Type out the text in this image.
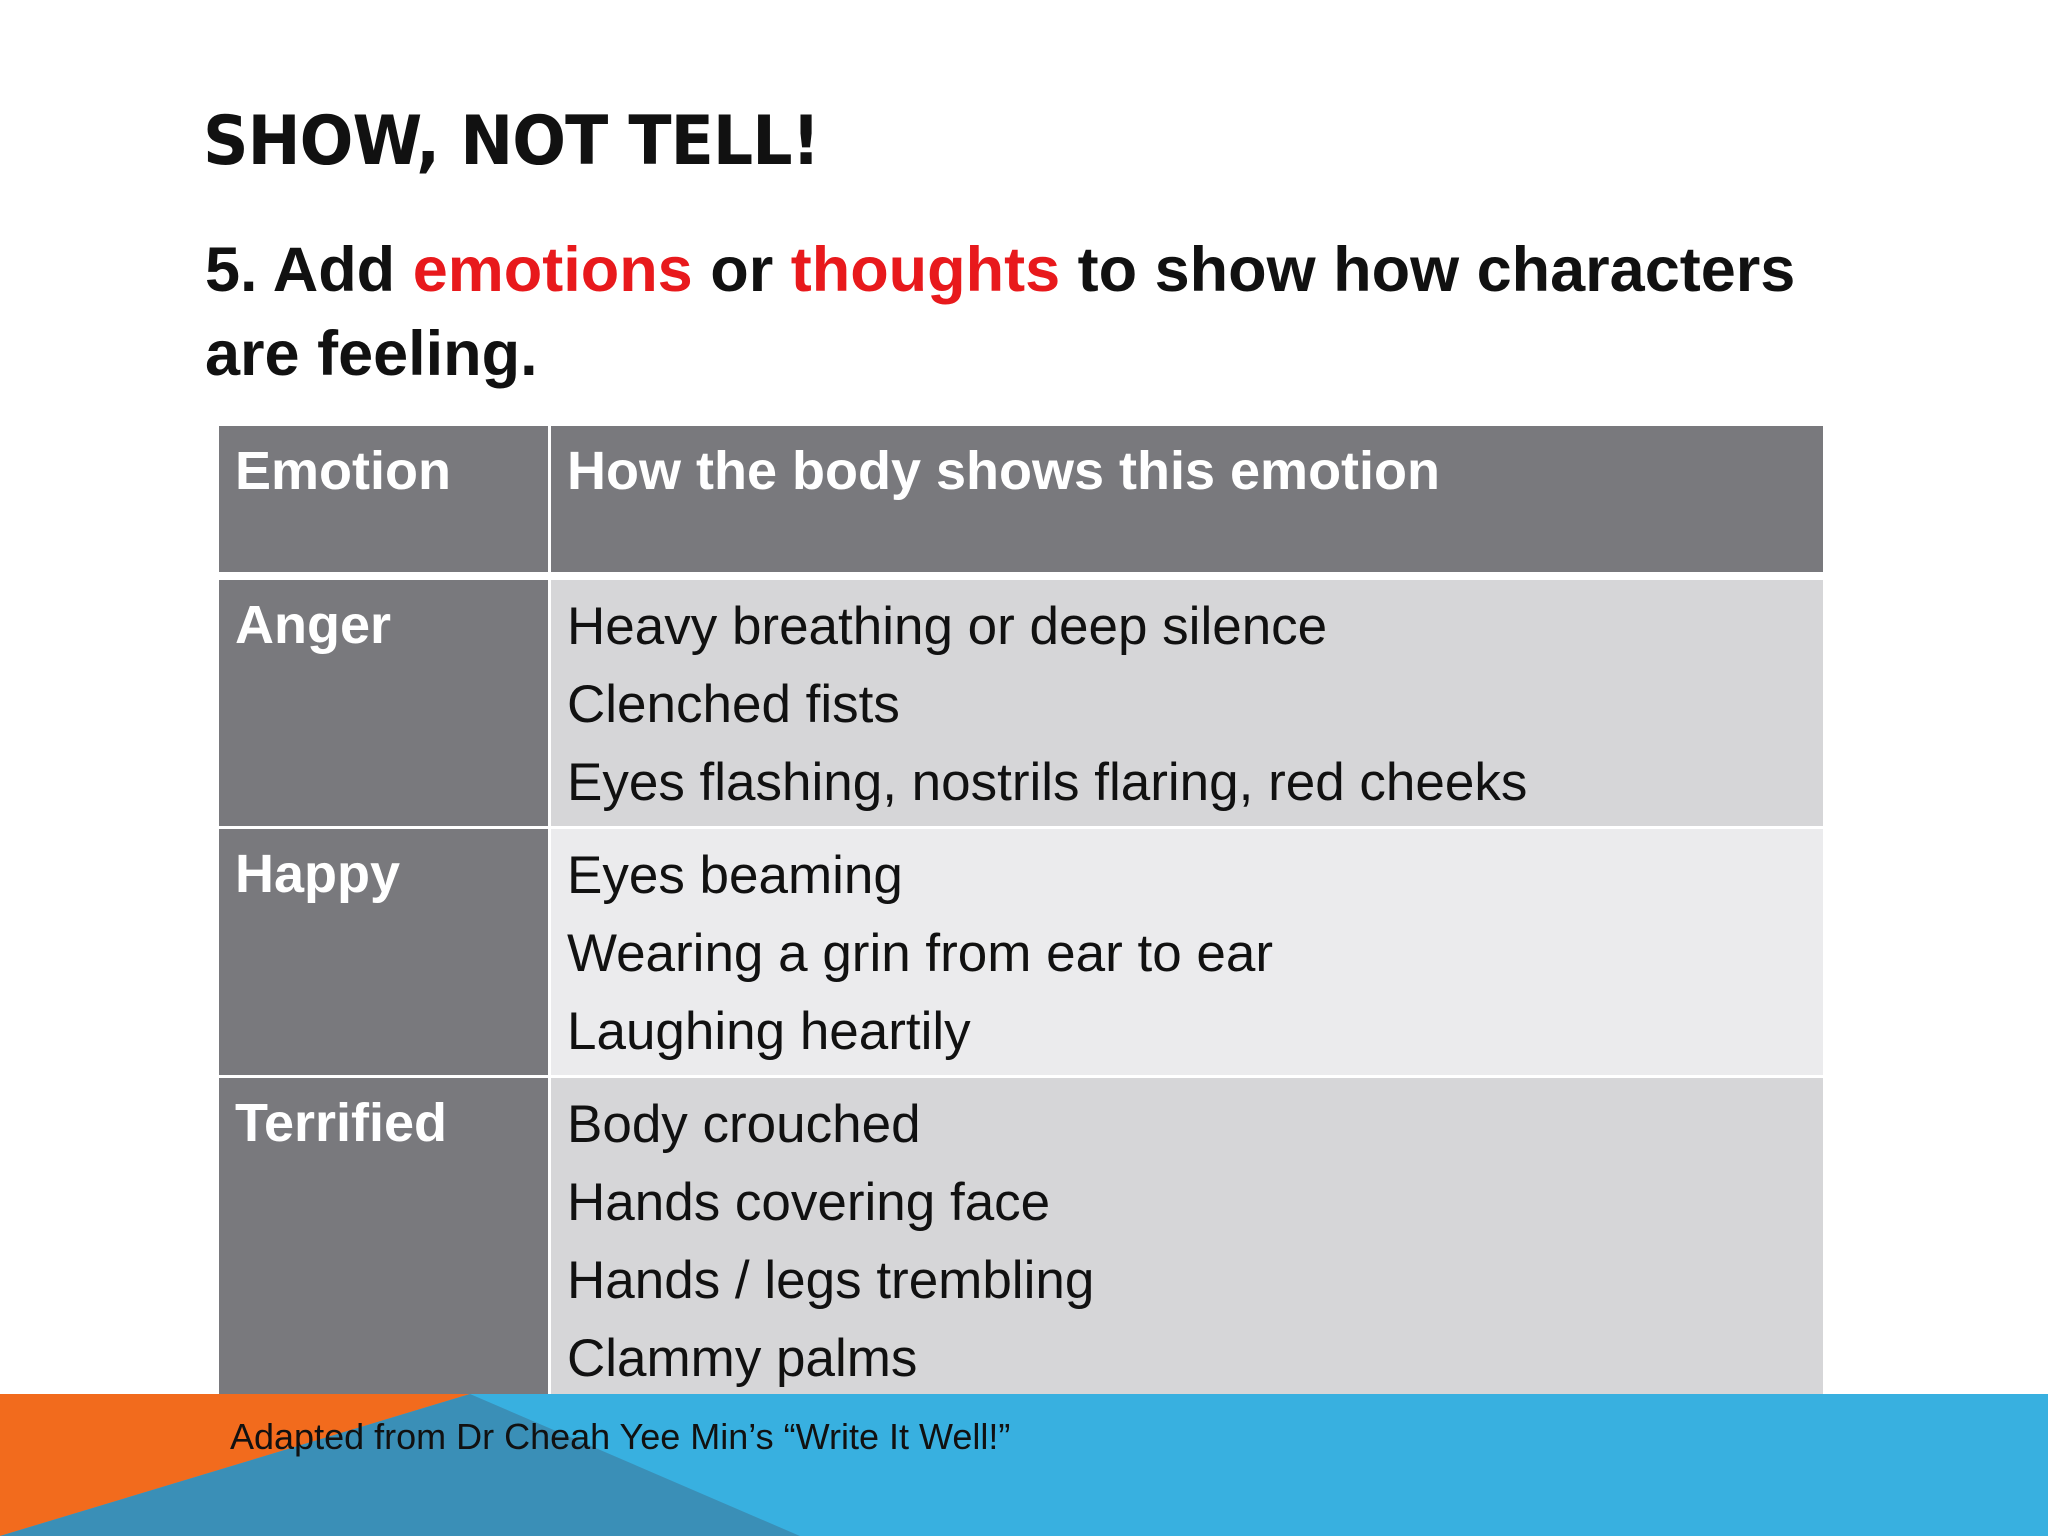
SHOW, NOT TELL!
5. Add emotions or thoughts to show how characters are feeling.
Emotion	How the body shows this emotion
Anger	Heavy breathing or deep silence
Clenched fists
Eyes flashing, nostrils flaring, red cheeks

Happy	Eyes beaming
Wearing a grin from ear to ear
Laughing heartily

Terrified	Body crouched
Hands covering face
Hands / legs trembling
Clammy palms
Adapted from Dr Cheah Yee Min’s “Write It Well!”
